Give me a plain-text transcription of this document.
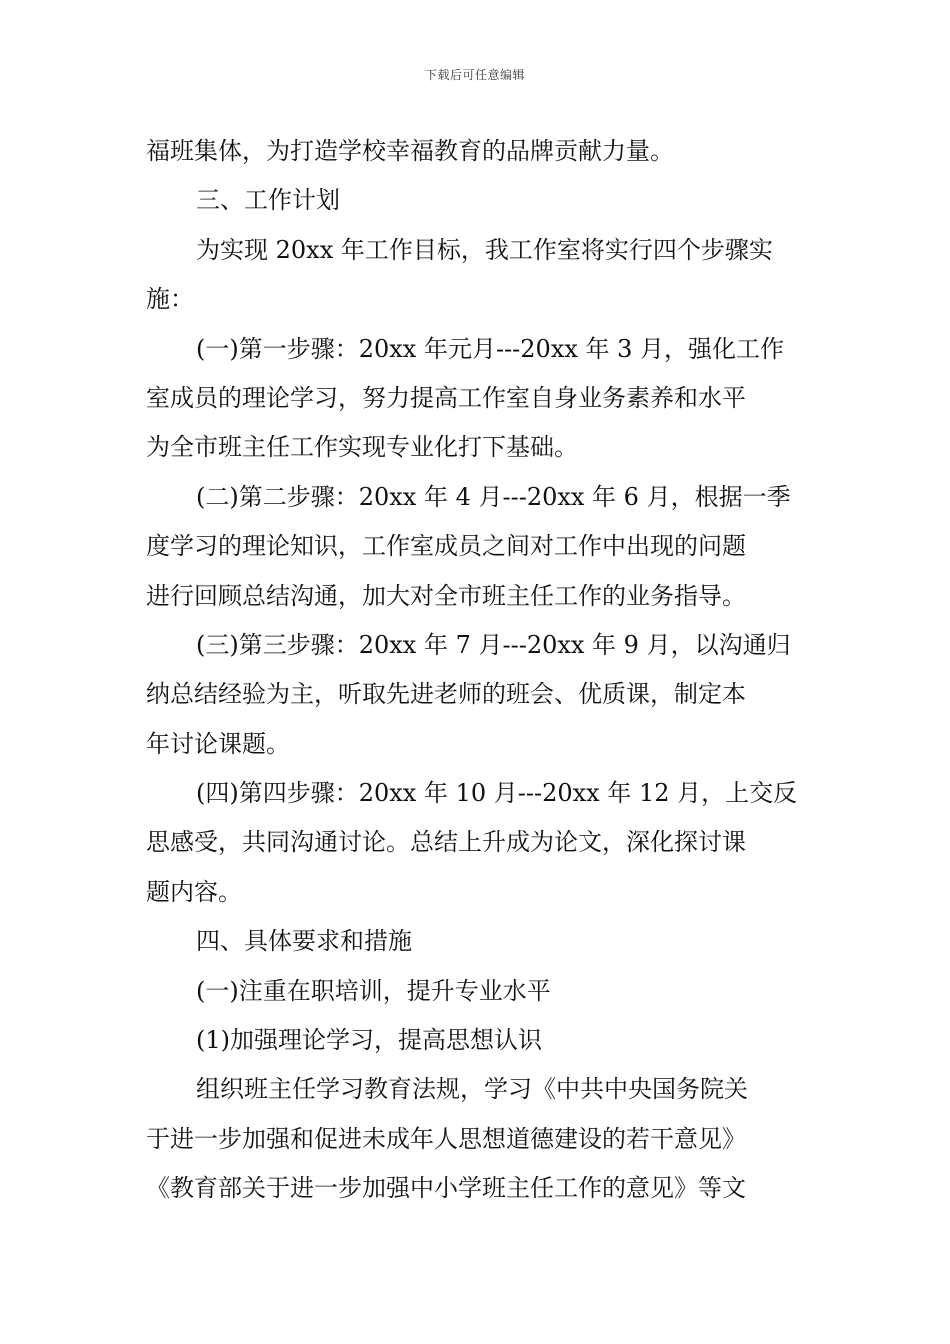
下载后可任意编辑
福班集体，为打造学校幸福教育的品牌贡献力量。
三、工作计划
为实现 20xx 年工作目标，我工作室将实行四个步骤实
施：
(一)第一步骤：20xx 年元月---20xx 年 3 月，强化工作
室成员的理论学习，努力提高工作室自身业务素养和水平
为全市班主任工作实现专业化打下基础。
(二)第二步骤：20xx 年 4 月---20xx 年 6 月，根据一季
度学习的理论知识，工作室成员之间对工作中出现的问题
进行回顾总结沟通，加大对全市班主任工作的业务指导。
(三)第三步骤：20xx 年 7 月---20xx 年 9 月，以沟通归
纳总结经验为主，听取先进老师的班会、优质课，制定本
年讨论课题。
(四)第四步骤：20xx 年 10 月---20xx 年 12 月，上交反
思感受，共同沟通讨论。总结上升成为论文，深化探讨课
题内容。
四、具体要求和措施
(一)注重在职培训，提升专业水平
(1)加强理论学习，提高思想认识
组织班主任学习教育法规，学习《中共中央国务院关
于进一步加强和促进未成年人思想道德建设的若干意见》
《教育部关于进一步加强中小学班主任工作的意见》等文
